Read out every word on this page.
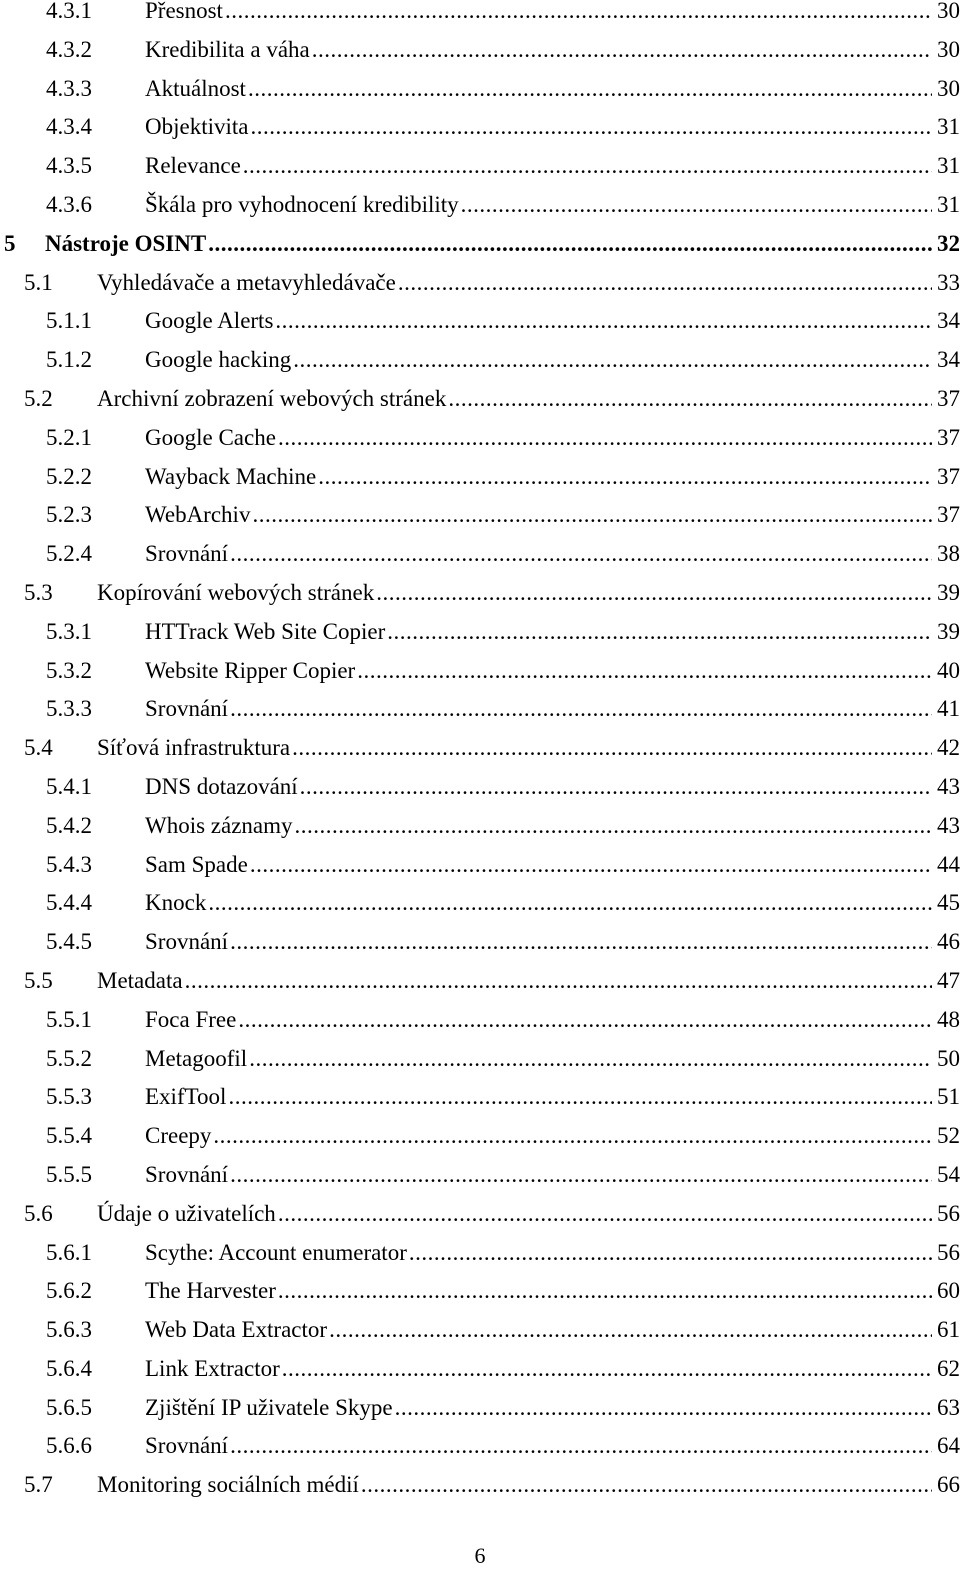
4.3.1	Přesnost .....	30
4.3.2	Kredibilita a váha .....	30
4.3.3	Aktuálnost .....	30
4.3.4	Objektivita .....	31
4.3.5	Relevance .....	31
4.3.6	Škála pro vyhodnocení kredibility .....	31
5	Nástroje OSINT .....	32
5.1	Vyhledávače a metavyhledávače .....	33
5.1.1	Google Alerts .....	34
5.1.2	Google hacking .....	34
5.2	Archivní zobrazení webových stránek .....	37
5.2.1	Google Cache .....	37
5.2.2	Wayback Machine .....	37
5.2.3	WebArchiv .....	37
5.2.4	Srovnání .....	38
5.3	Kopírování webových stránek .....	39
5.3.1	HTTrack Web Site Copier .....	39
5.3.2	Website Ripper Copier .....	40
5.3.3	Srovnání .....	41
5.4	Síťová infrastruktura .....	42
5.4.1	DNS dotazování .....	43
5.4.2	Whois záznamy .....	43
5.4.3	Sam Spade .....	44
5.4.4	Knock .....	45
5.4.5	Srovnání .....	46
5.5	Metadata .....	47
5.5.1	Foca Free .....	48
5.5.2	Metagoofil .....	50
5.5.3	ExifTool .....	51
5.5.4	Creepy .....	52
5.5.5	Srovnání .....	54
5.6	Údaje o uživatelích .....	56
5.6.1	Scythe: Account enumerator .....	56
5.6.2	The Harvester .....	60
5.6.3	Web Data Extractor .....	61
5.6.4	Link Extractor .....	62
5.6.5	Zjištění IP uživatele Skype .....	63
5.6.6	Srovnání .....	64
5.7	Monitoring sociálních médií .....	66
6
